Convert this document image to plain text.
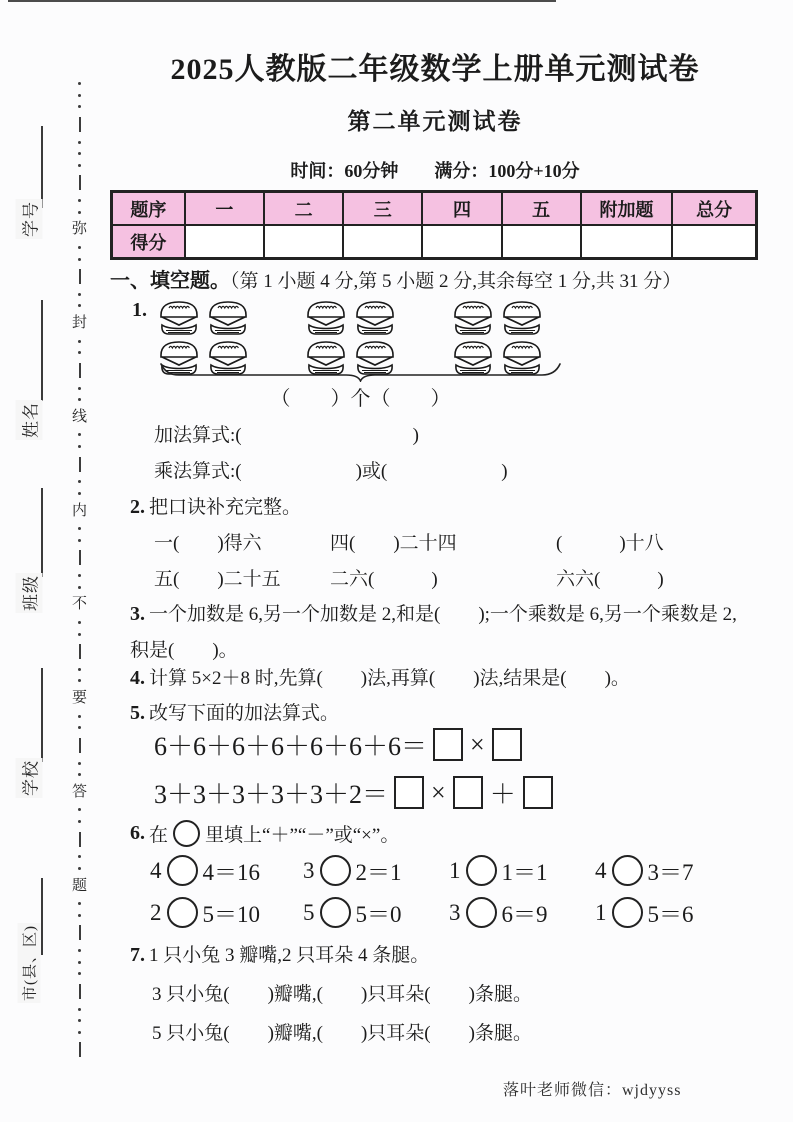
学号
姓名
班级
学校
市(县、区)
弥
封
线
内
不
要
答
题
2025人教版二年级数学上册单元测试卷
第二单元测试卷
时间：60分钟　　满分：100分+10分
题序	一	二	三	四	五	附加题	总分
得分
一、填空题。（第 1 小题 4 分,第 5 小题 2 分,其余每空 1 分,共 31 分）
1.
（　　）个（　　）
加法算式:(　　　　　　　　　)
乘法算式:(　　　　　　)或(　　　　　　)
2. 把口诀补充完整。
一(　　)得六	四(　　)二十四	(　　　)十八
五(　　)二十五	二六(　　　)	六六(　　　)
3. 一个加数是 6,另一个加数是 2,和是(　　);一个乘数是 6,另一个乘数是 2,积是(　　)。
4. 计算 5×2＋8 时,先算(　　)法,再算(　　)法,结果是(　　)。
5. 改写下面的加法算式。
6＋6＋6＋6＋6＋6＋6＝ ×
3＋3＋3＋3＋3＋2＝ × ＋
6. 在 里填上“＋”“－”或“×”。
4 4＝16 3 2＝1 1 1＝1 4 3＝7
2 5＝10 5 5＝0 3 6＝9 1 5＝6
7. 1 只小兔 3 瓣嘴,2 只耳朵 4 条腿。
3 只小兔(　　)瓣嘴,(　　)只耳朵(　　)条腿。
5 只小兔(　　)瓣嘴,(　　)只耳朵(　　)条腿。
落叶老师微信：wjdyyss
